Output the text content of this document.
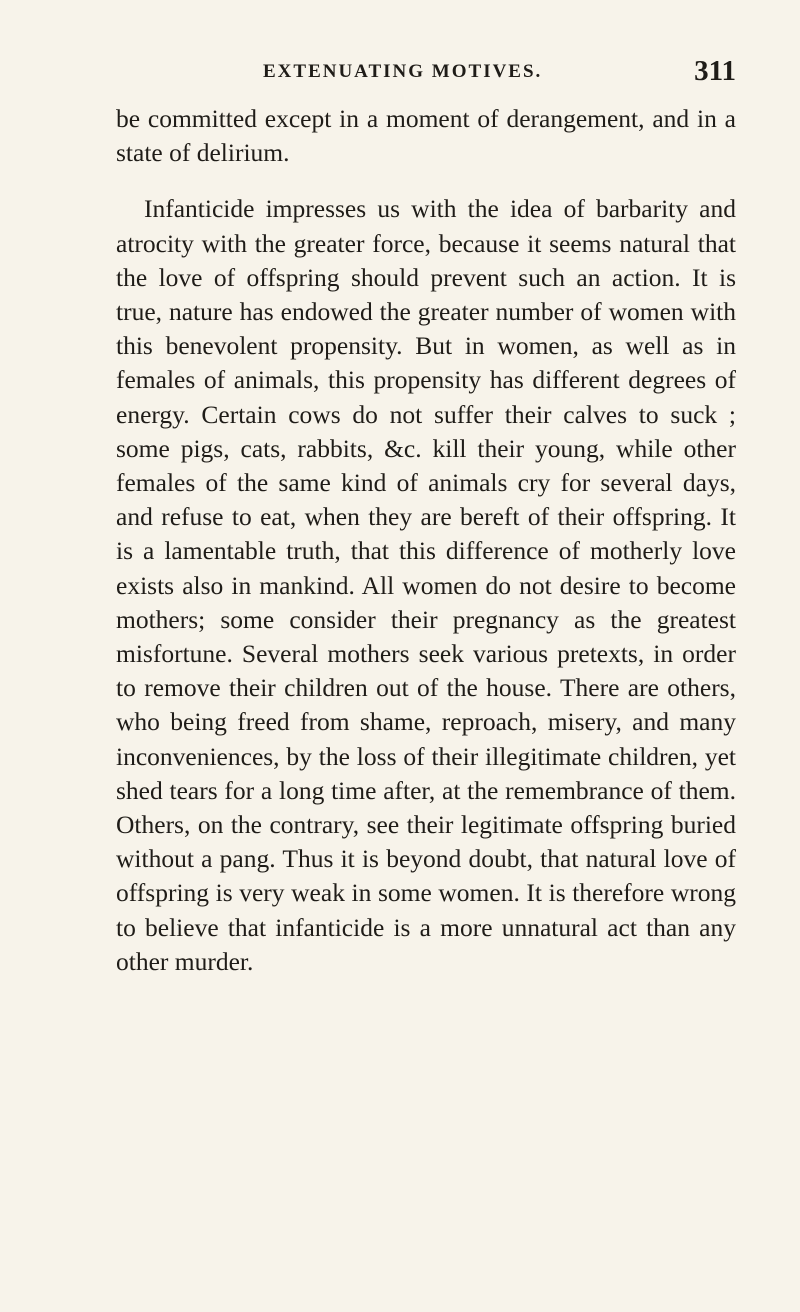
EXTENUATING MOTIVES.	311

be committed except in a moment of derangement, and in a state of delirium.

Infanticide impresses us with the idea of barbarity and atrocity with the greater force, because it seems natural that the love of offspring should prevent such an action. It is true, nature has endowed the greater number of women with this benevolent propensity. But in women, as well as in females of animals, this propensity has different degrees of energy. Certain cows do not suffer their calves to suck ; some pigs, cats, rabbits, &c. kill their young, while other females of the same kind of animals cry for several days, and refuse to eat, when they are bereft of their offspring. It is a lamentable truth, that this difference of motherly love exists also in mankind. All women do not desire to become mothers; some consider their pregnancy as the greatest misfortune. Several mothers seek various pretexts, in order to remove their children out of the house. There are others, who being freed from shame, reproach, misery, and many inconveniences, by the loss of their illegitimate children, yet shed tears for a long time after, at the remembrance of them. Others, on the contrary, see their legitimate offspring buried without a pang. Thus it is beyond doubt, that natural love of offspring is very weak in some women. It is therefore wrong to believe that infanticide is a more unnatural act than any other murder.
